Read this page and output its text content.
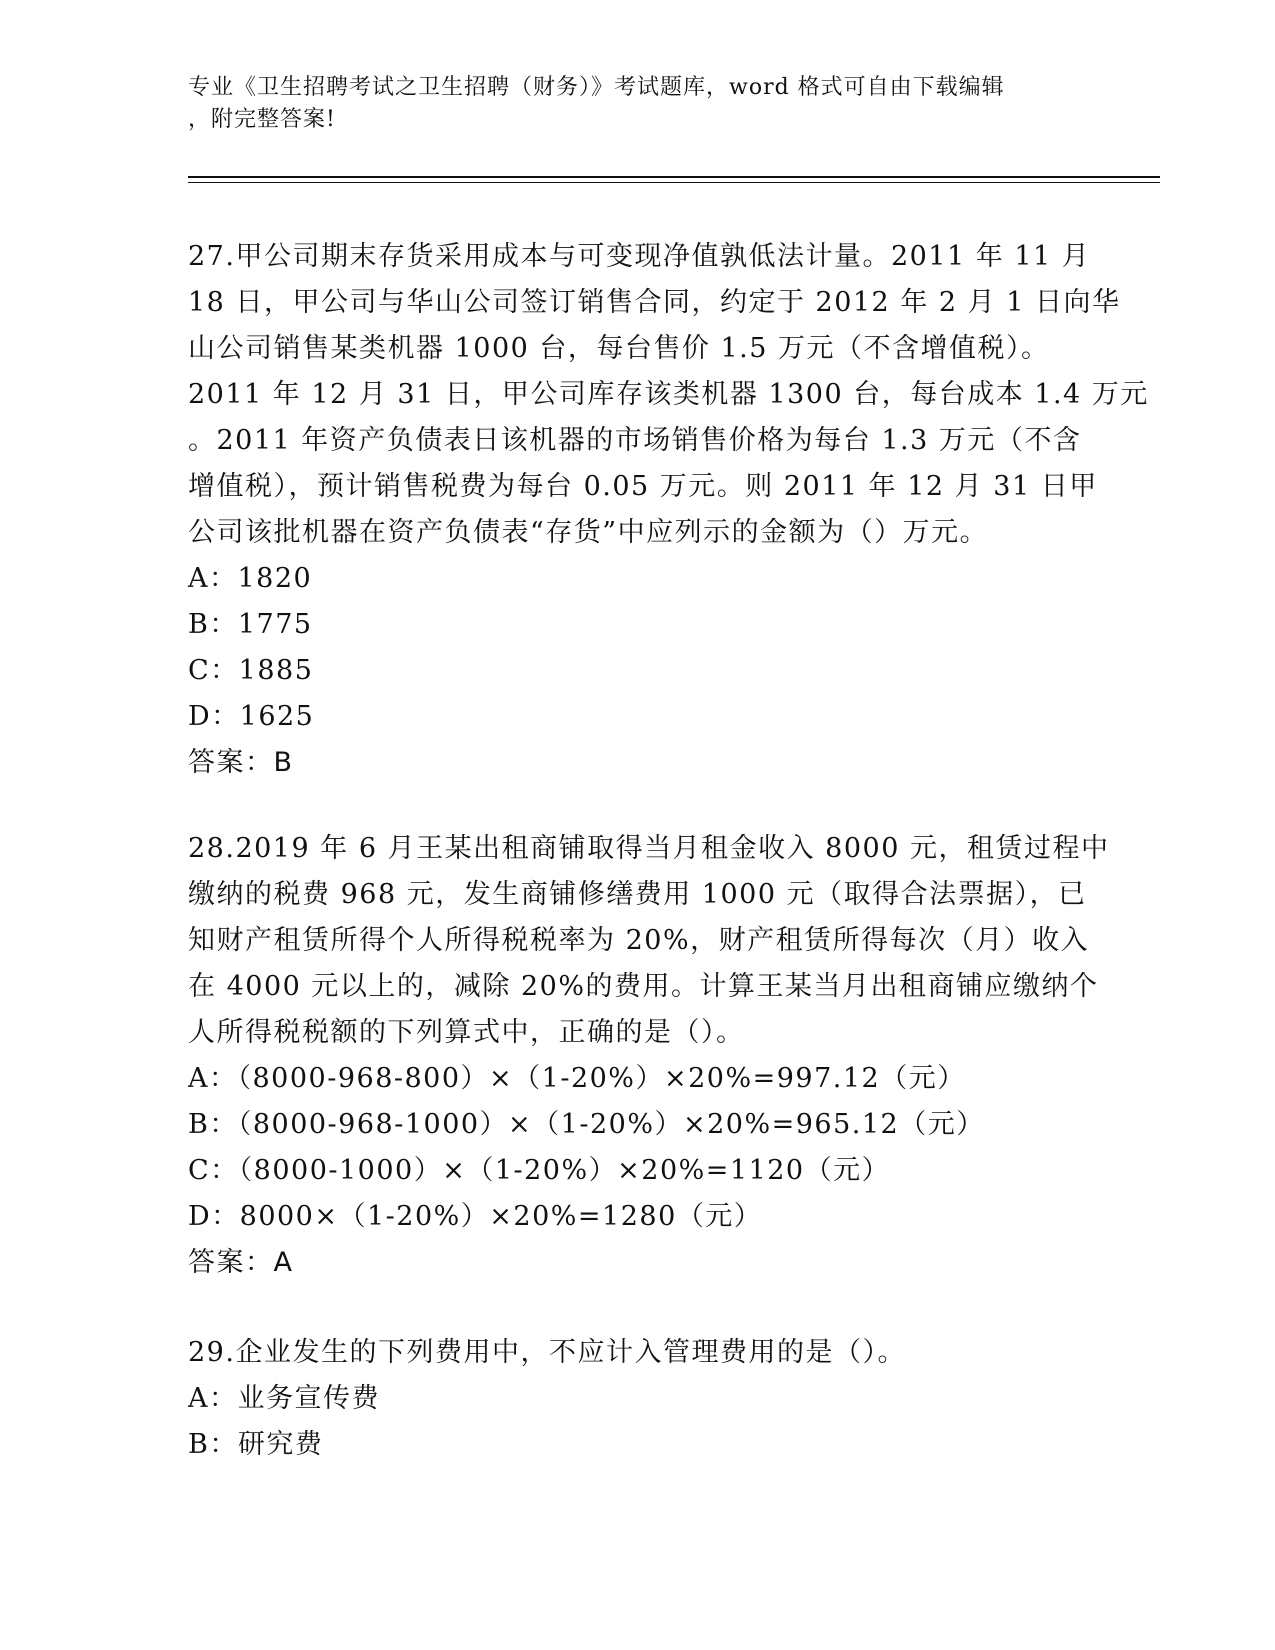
专业《卫生招聘考试之卫生招聘（财务）》考试题库，word 格式可自由下载编辑
，附完整答案!
27.甲公司期末存货采用成本与可变现净值孰低法计量。2011 年 11 月
18 日，甲公司与华山公司签订销售合同，约定于 2012 年 2 月 1 日向华
山公司销售某类机器 1000 台，每台售价 1.5 万元（不含增值税）。
2011 年 12 月 31 日，甲公司库存该类机器 1300 台，每台成本 1.4 万元
。2011 年资产负债表日该机器的市场销售价格为每台 1.3 万元（不含
增值税），预计销售税费为每台 0.05 万元。则 2011 年 12 月 31 日甲
公司该批机器在资产负债表“存货”中应列示的金额为（）万元。
A：1820
B：1775
C：1885
D：1625
答案：B
28.2019 年 6 月王某出租商铺取得当月租金收入 8000 元，租赁过程中
缴纳的税费 968 元，发生商铺修缮费用 1000 元（取得合法票据），已
知财产租赁所得个人所得税税率为 20%，财产租赁所得每次（月）收入
在 4000 元以上的，减除 20%的费用。计算王某当月出租商铺应缴纳个
人所得税税额的下列算式中，正确的是（）。
A：（8000-968-800）×（1-20%）×20%=997.12（元）
B：（8000-968-1000）×（1-20%）×20%=965.12（元）
C：（8000-1000）×（1-20%）×20%=1120（元）
D：8000×（1-20%）×20%=1280（元）
答案：A
29.企业发生的下列费用中，不应计入管理费用的是（）。
A：业务宣传费
B：研究费
